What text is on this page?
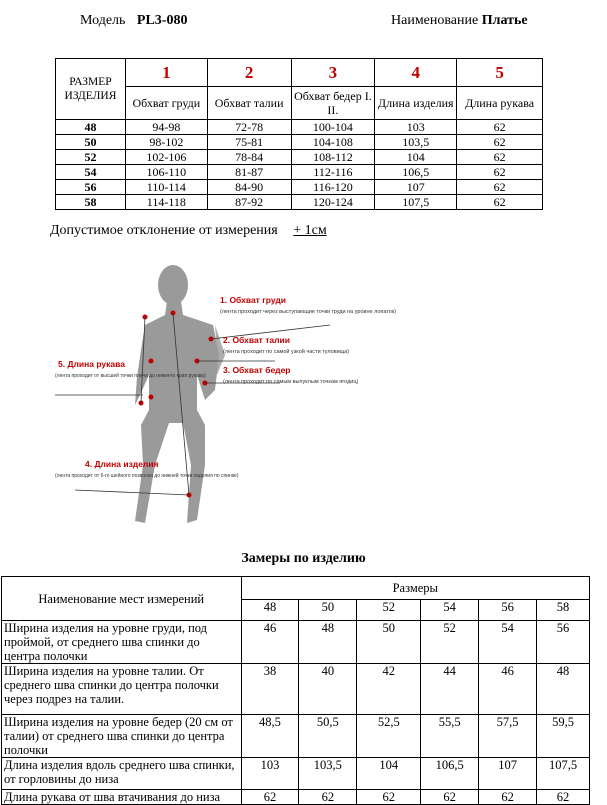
Модель PL3-080	Наименование Платье
РАЗМЕР ИЗДЕЛИЯ	1	2	3	4	5
	Обхват груди	Обхват талии	Обхват бедер I. II.	Длина изделия	Длина рукава
48	94-98	72-78	100-104	103	62
50	98-102	75-81	104-108	103,5	62
52	102-106	78-84	108-112	104	62
54	106-110	81-87	112-116	106,5	62
56	110-114	84-90	116-120	107	62
58	114-118	87-92	120-124	107,5	62
Допустимое отклонение от измерения + 1см
1. Обхват груди
(лента проходит через выступающие точки груди на уровне лопаток)
2. Обхват талии
(лента проходит по самой узкой части туловища)
3. Обхват бедер
(лента проходит по самым выпуклым точкам ягодиц)
4. Длина изделия
(лента проходит от 6-го шейного позвонка до нижней точки изделия по спинке)
5. Длина рукава
(лента проходит от высшей точки плеча до нижнего края рукава)
Замеры по изделию
Наименование мест измерений	Размеры					
	48	50	52	54	56	58
Ширина изделия на уровне груди, под проймой, от среднего шва спинки до центра полочки	46	48	50	52	54	56
Ширина изделия на уровне талии. От среднего шва спинки до центра полочки через подрез на талии.	38	40	42	44	46	48
Ширина изделия на уровне бедер (20 см от талии) от среднего шва спинки до центра полочки	48,5	50,5	52,5	55,5	57,5	59,5
Длина изделия вдоль среднего шва спинки, от горловины до низа	103	103,5	104	106,5	107	107,5
Длина рукава от шва втачивания до низа	62	62	62	62	62	62
